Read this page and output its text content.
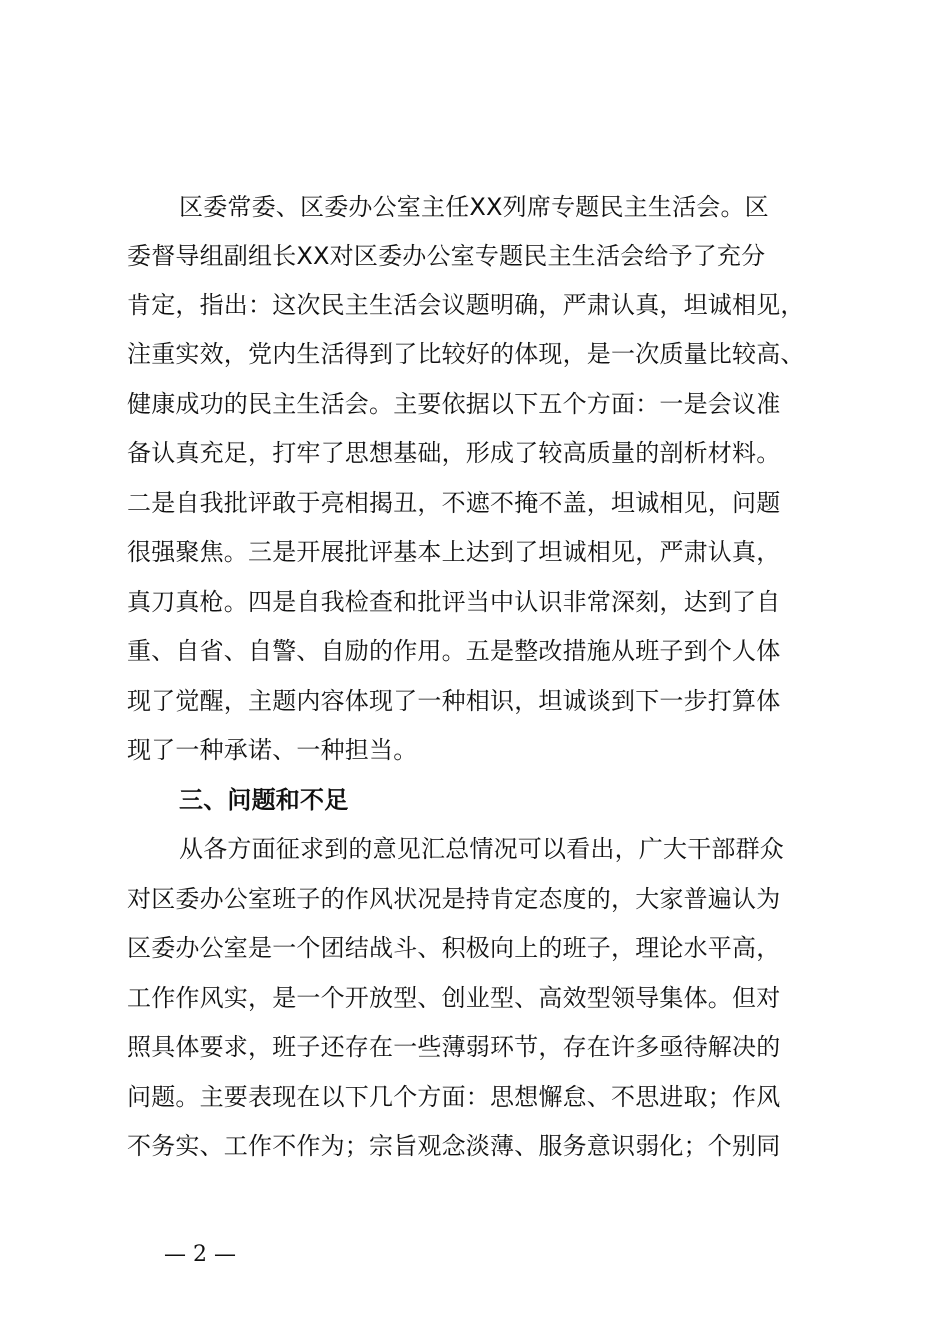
区委常委、区委办公室主任XX列席专题民主生活会。区
委督导组副组长XX对区委办公室专题民主生活会给予了充分
肯定，指出：这次民主生活会议题明确，严肃认真，坦诚相见，
注重实效，党内生活得到了比较好的体现，是一次质量比较高、
健康成功的民主生活会。主要依据以下五个方面：一是会议准
备认真充足，打牢了思想基础，形成了较高质量的剖析材料。
二是自我批评敢于亮相揭丑，不遮不掩不盖，坦诚相见，问题
很强聚焦。三是开展批评基本上达到了坦诚相见，严肃认真，
真刀真枪。四是自我检查和批评当中认识非常深刻，达到了自
重、自省、自警、自励的作用。五是整改措施从班子到个人体
现了觉醒，主题内容体现了一种相识，坦诚谈到下一步打算体
现了一种承诺、一种担当。
三、问题和不足
从各方面征求到的意见汇总情况可以看出，广大干部群众
对区委办公室班子的作风状况是持肯定态度的，大家普遍认为
区委办公室是一个团结战斗、积极向上的班子，理论水平高，
工作作风实，是一个开放型、创业型、高效型领导集体。但对
照具体要求，班子还存在一些薄弱环节，存在许多亟待解决的
问题。主要表现在以下几个方面：思想懈怠、不思进取；作风
不务实、工作不作为；宗旨观念淡薄、服务意识弱化；个别同
— 2 —
